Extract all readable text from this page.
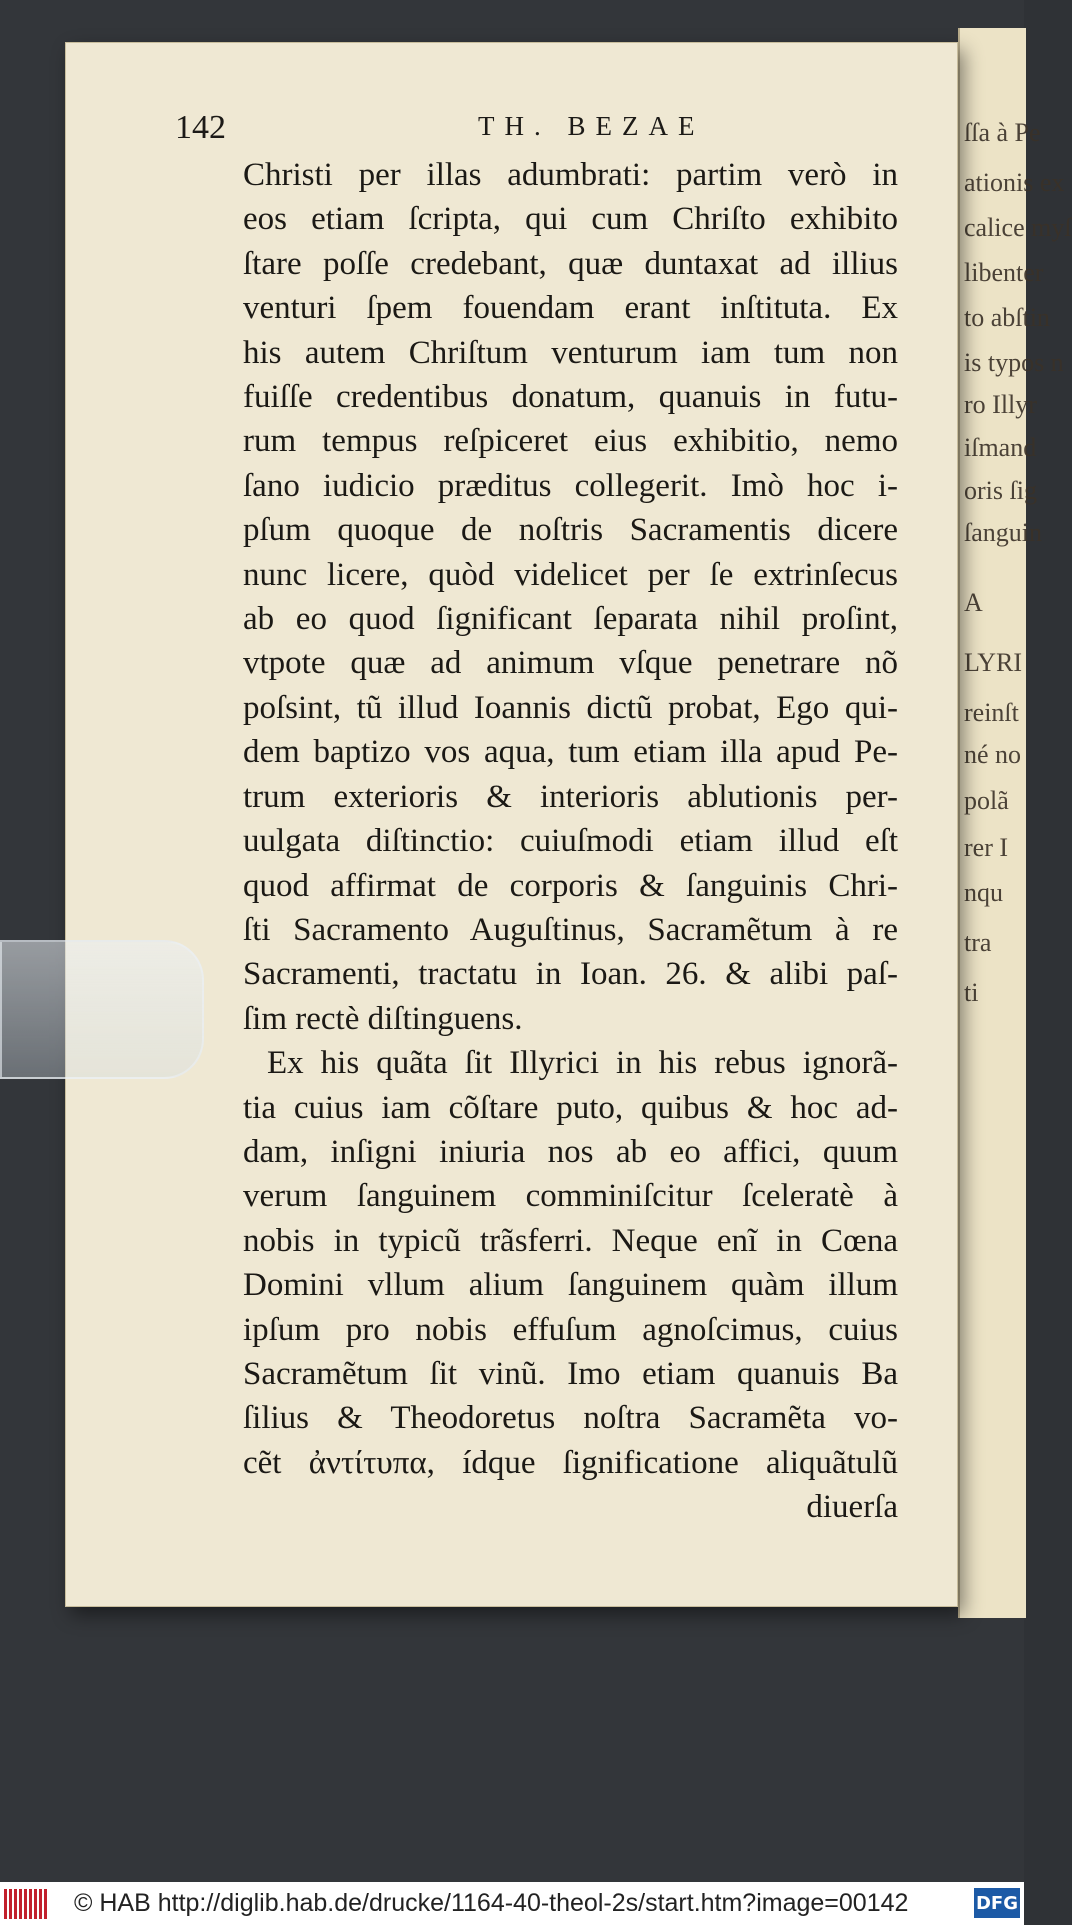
ſſa à Pe
ationis ex
calice myſ
libenter
to abſtin
is typos n
ro Illyr
iſmand
oris ſig
ſanguin
A
LYRI
reinſt
né no
polã
rer I
nqu
tra
ti
142	TH. BEZAE
Christi per illas adumbrati: partim verò in
eos etiam ſcripta, qui cum Chriſto exhibito
ſtare poſſe credebant, quæ duntaxat ad illius
venturi ſpem fouendam erant inſtituta. Ex
his autem Chriſtum venturum iam tum non
fuiſſe credentibus donatum, quanuis in futu-
rum tempus reſpiceret eius exhibitio, nemo
ſano iudicio præditus collegerit. Imò hoc i-
pſum quoque de noſtris Sacramentis dicere
nunc licere, quòd videlicet per ſe extrinſecus
ab eo quod ſignificant ſeparata nihil proſint,
vtpote quæ ad animum vſque penetrare nõ
poſsint, tũ illud Ioannis dictũ probat, Ego qui-
dem baptizo vos aqua, tum etiam illa apud Pe-
trum exterioris & interioris ablutionis per-
uulgata diſtinctio: cuiuſmodi etiam illud eſt
quod affirmat de corporis & ſanguinis Chri-
ſti Sacramento Auguſtinus, Sacramẽtum à re
Sacramenti, tractatu in Ioan. 26. & alibi paſ-
ſim rectè diſtinguens.
Ex his quãta ſit Illyrici in his rebus ignorã-
tia cuius iam cõſtare puto, quibus & hoc ad-
dam, inſigni iniuria nos ab eo affici, quum
verum ſanguinem comminiſcitur ſceleratè à
nobis in typicũ trãsferri. Neque enĩ in Cœna
Domini vllum alium ſanguinem quàm illum
ipſum pro nobis effuſum agnoſcimus, cuius
Sacramẽtum ſit vinũ. Imo etiam quanuis Ba
ſilius & Theodoretus noſtra Sacramẽta vo-
cẽt ἀντίτυπα, ídque ſignificatione aliquãtulũ
diuerſa
© HAB http://diglib.hab.de/drucke/1164-40-theol-2s/start.htm?image=00142	DFG
